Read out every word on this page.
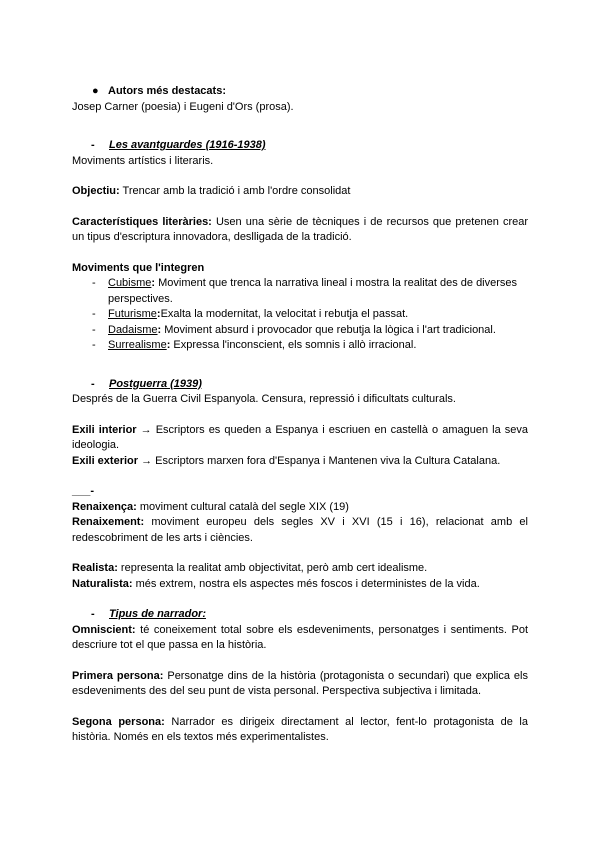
● Autors més destacats:

Josep Carner (poesia) i Eugeni d'Ors (prosa).

- Les avantguardes (1916-1938)

Moviments artístics i literaris.

Objectiu: Trencar amb la tradició i amb l'ordre consolidat

Característiques literàries: Usen una sèrie de tècniques i de recursos que pretenen crear un tipus d'escriptura innovadora, deslligada de la tradició.

Moviments que l'integren

- Cubisme: Moviment que trenca la narrativa lineal i mostra la realitat des de diverses perspectives.
- Futurisme:Exalta la modernitat, la velocitat i rebutja el passat.
- Dadaisme: Moviment absurd i provocador que rebutja la lògica i l'art tradicional.
- Surrealisme: Expressa l'inconscient, els somnis i allò irracional.

- Postguerra (1939)

Després de la Guerra Civil Espanyola. Censura, repressió i dificultats culturals.

Exili interior → Escriptors es queden a Espanya i escriuen en castellà o amaguen la seva ideologia.

Exili exterior → Escriptors marxen fora d'Espanya i Mantenen viva la Cultura Catalana.

___-

Renaixença: moviment cultural català del segle XIX (19)

Renaixement: moviment europeu dels segles XV i XVI (15 i 16), relacionat amb el redescobriment de les arts i ciències.

Realista: representa la realitat amb objectivitat, però amb cert idealisme.

Naturalista: més extrem, nostra els aspectes més foscos i deterministes de la vida.

- Tipus de narrador:

Omniscient: té coneixement total sobre els esdeveniments, personatges i sentiments. Pot descriure tot el que passa en la història.

Primera persona: Personatge dins de la història (protagonista o secundari) que explica els esdeveniments des del seu punt de vista personal. Perspectiva subjectiva i limitada.

Segona persona: Narrador es dirigeix directament al lector, fent-lo protagonista de la història. Només en els textos més experimentalistes.
